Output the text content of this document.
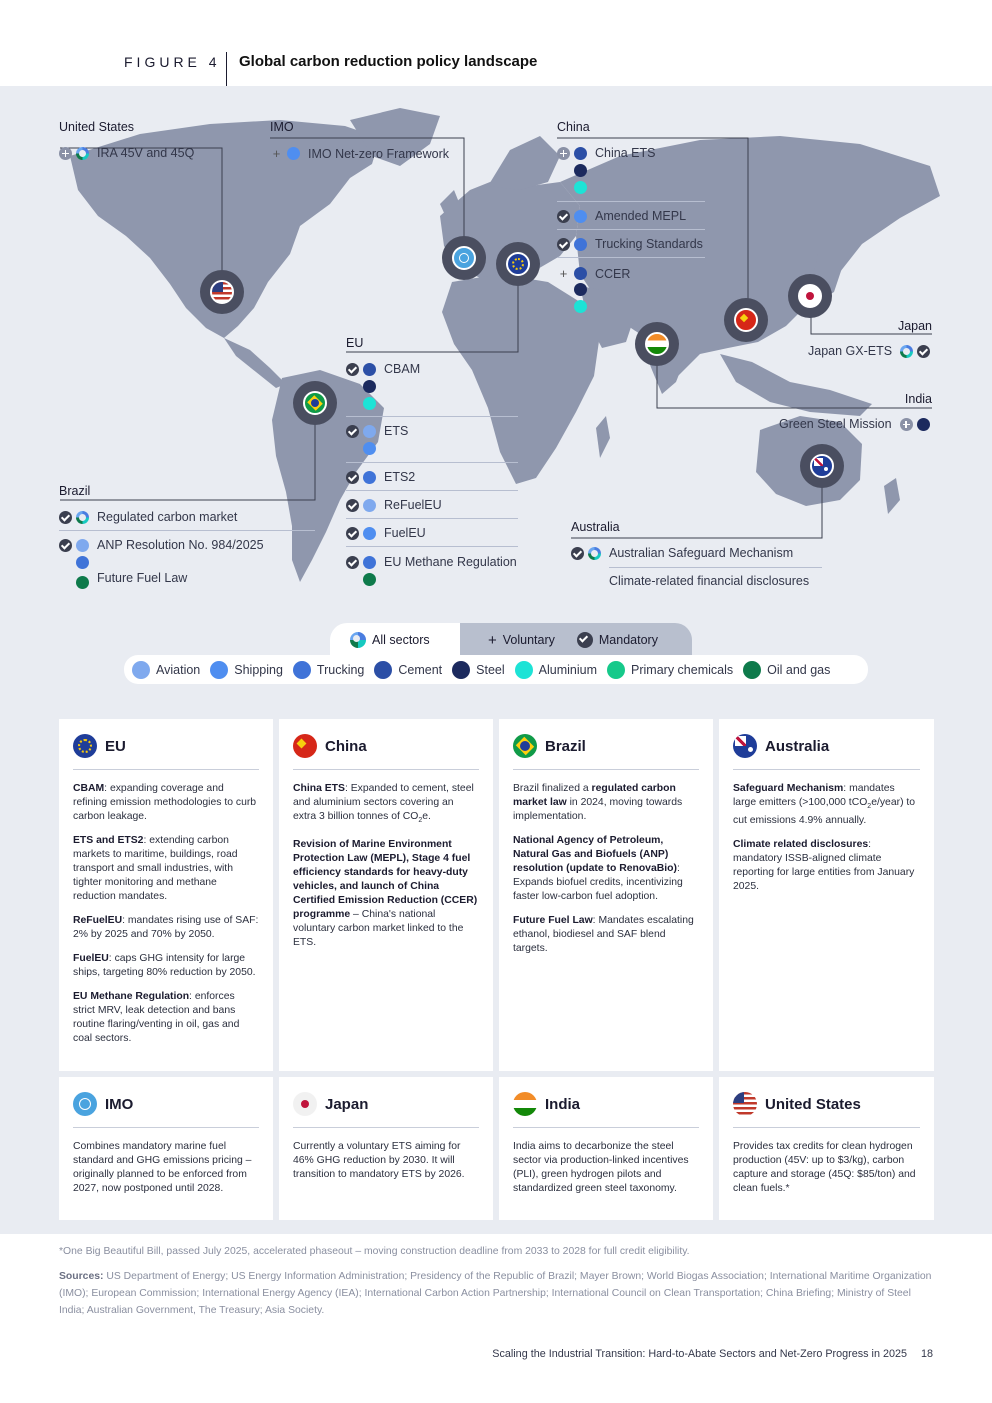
FIGURE 4 Global carbon reduction policy landscape
United States
IRA 45V and 45Q
IMO
+ IMO Net-zero Framework
China
China ETS
Amended MEPL
Trucking Standards
+ CCER
Japan
Japan GX-ETS
India
Green Steel Mission
EU
CBAM
ETS
ETS2
ReFuelEU
FuelEU
EU Methane Regulation
Brazil
Regulated carbon market
ANP Resolution No. 984/2025
Future Fuel Law
Australia
Australian Safeguard Mechanism
Climate-related financial disclosures
All sectors	+ Voluntary	Mandatory
Aviation	Shipping	Trucking	Cement	Steel	Aluminium	Primary chemicals	Oil and gas
EU

CBAM: expanding coverage and refining emission methodologies to curb carbon leakage.

ETS and ETS2: extending carbon markets to maritime, buildings, road transport and small industries, with tighter monitoring and methane reduction mandates.

ReFuelEU: mandates rising use of SAF: 2% by 2025 and 70% by 2050.

FuelEU: caps GHG intensity for large ships, targeting 80% reduction by 2050.

EU Methane Regulation: enforces strict MRV, leak detection and bans routine flaring/venting in oil, gas and coal sectors.

China

China ETS: Expanded to cement, steel and aluminium sectors covering an extra 3 billion tonnes of $CO_2e$.

Revision of Marine Environment Protection Law (MEPL), Stage 4 fuel efficiency standards for heavy-duty vehicles, and launch of China Certified Emission Reduction (CCER) programme – China's national voluntary carbon market linked to the ETS.

Brazil

Brazil finalized a regulated carbon market law in 2024, moving towards implementation.

National Agency of Petroleum, Natural Gas and Biofuels (ANP) resolution (update to RenovaBio): Expands biofuel credits, incentivizing faster low-carbon fuel adoption.

Future Fuel Law: Mandates escalating ethanol, biodiesel and SAF blend targets.

Australia

Safeguard Mechanism: mandates large emitters (>100,000 tCO$_2$e/year) to cut emissions 4.9% annually.

Climate related disclosures: mandatory ISSB-aligned climate reporting for large entities from January 2025.

IMO

Combines mandatory marine fuel standard and GHG emissions pricing – originally planned to be enforced from 2027, now postponed until 2028.

Japan

Currently a voluntary ETS aiming for 46% GHG reduction by 2030. It will transition to mandatory ETS by 2026.

India

India aims to decarbonize the steel sector via production-linked incentives (PLI), green hydrogen pilots and standardized green steel taxonomy.

United States

Provides tax credits for clean hydrogen production (45V: up to $3/kg), carbon capture and storage (45Q: $85/ton) and clean fuels.*

*One Big Beautiful Bill, passed July 2025, accelerated phaseout – moving construction deadline from 2033 to 2028 for full credit eligibility.
Sources: US Department of Energy; US Energy Information Administration; Presidency of the Republic of Brazil; Mayer Brown; World Biogas Association; International Maritime Organization (IMO); European Commission; International Energy Agency (IEA); International Carbon Action Partnership; International Council on Clean Transportation; China Briefing; Ministry of Steel India; Australian Government, The Treasury; Asia Society.
Scaling the Industrial Transition: Hard-to-Abate Sectors and Net-Zero Progress in 2025 18
